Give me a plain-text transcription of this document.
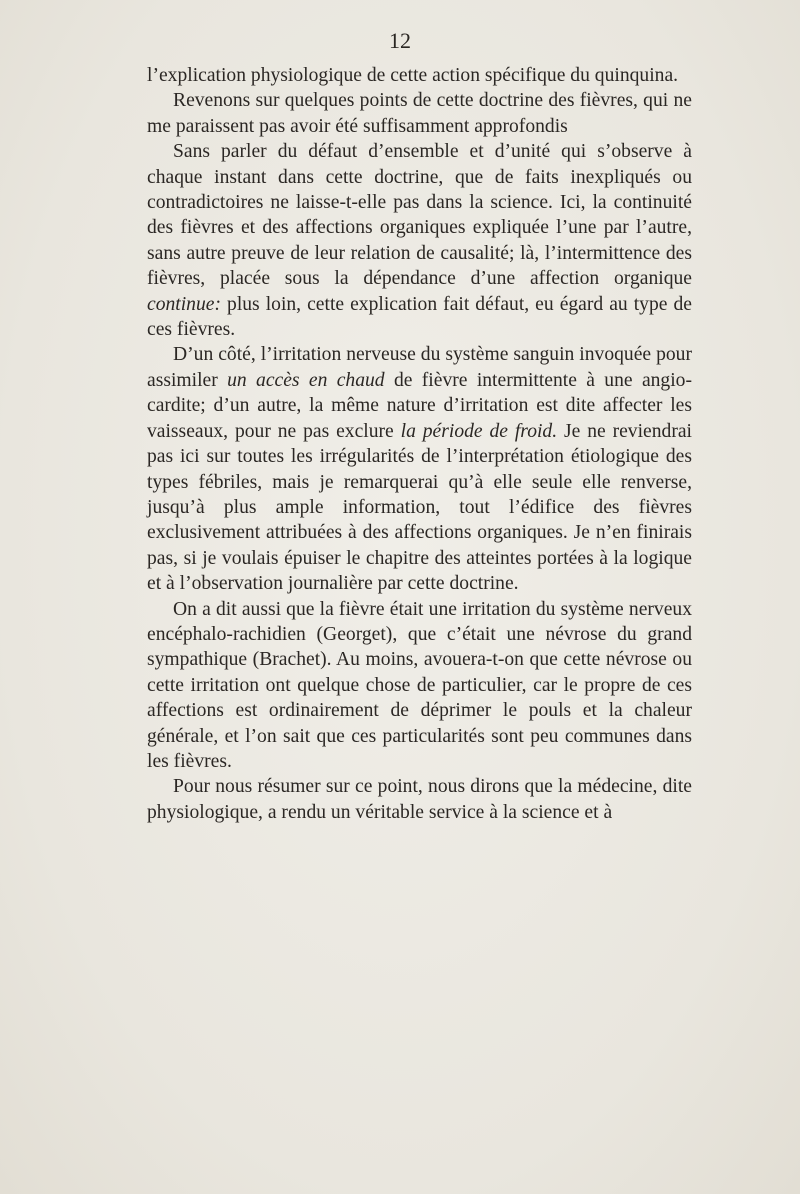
12

l’explication physiologique de cette action spécifique du quinquina.

Revenons sur quelques points de cette doctrine des fièvres, qui ne me paraissent pas avoir été suffisamment approfondis

Sans parler du défaut d’ensemble et d’unité qui s’observe à chaque instant dans cette doctrine, que de faits inexpliqués ou contradictoires ne laisse-t-elle pas dans la science. Ici, la continuité des fièvres et des affections organiques expliquée l’une par l’autre, sans autre preuve de leur relation de causalité; là, l’intermittence des fièvres, placée sous la dépendance d’une affection organique continue: plus loin, cette explication fait défaut, eu égard au type de ces fièvres.

D’un côté, l’irritation nerveuse du système sanguin invoquée pour assimiler un accès en chaud de fièvre intermittente à une angio-cardite; d’un autre, la même nature d’irritation est dite affecter les vaisseaux, pour ne pas exclure la période de froid. Je ne reviendrai pas ici sur toutes les irrégularités de l’interprétation étiologique des types fébriles, mais je remarquerai qu’à elle seule elle renverse, jusqu’à plus ample information, tout l’édifice des fièvres exclusivement attribuées à des affections organiques. Je n’en finirais pas, si je voulais épuiser le chapitre des atteintes portées à la logique et à l’observation journalière par cette doctrine.

On a dit aussi que la fièvre était une irritation du système nerveux encéphalo-rachidien (Georget), que c’était une névrose du grand sympathique (Brachet). Au moins, avouera-t-on que cette névrose ou cette irritation ont quelque chose de particulier, car le propre de ces affections est ordinairement de déprimer le pouls et la chaleur générale, et l’on sait que ces particularités sont peu communes dans les fièvres.

Pour nous résumer sur ce point, nous dirons que la médecine, dite physiologique, a rendu un véritable service à la science et à
